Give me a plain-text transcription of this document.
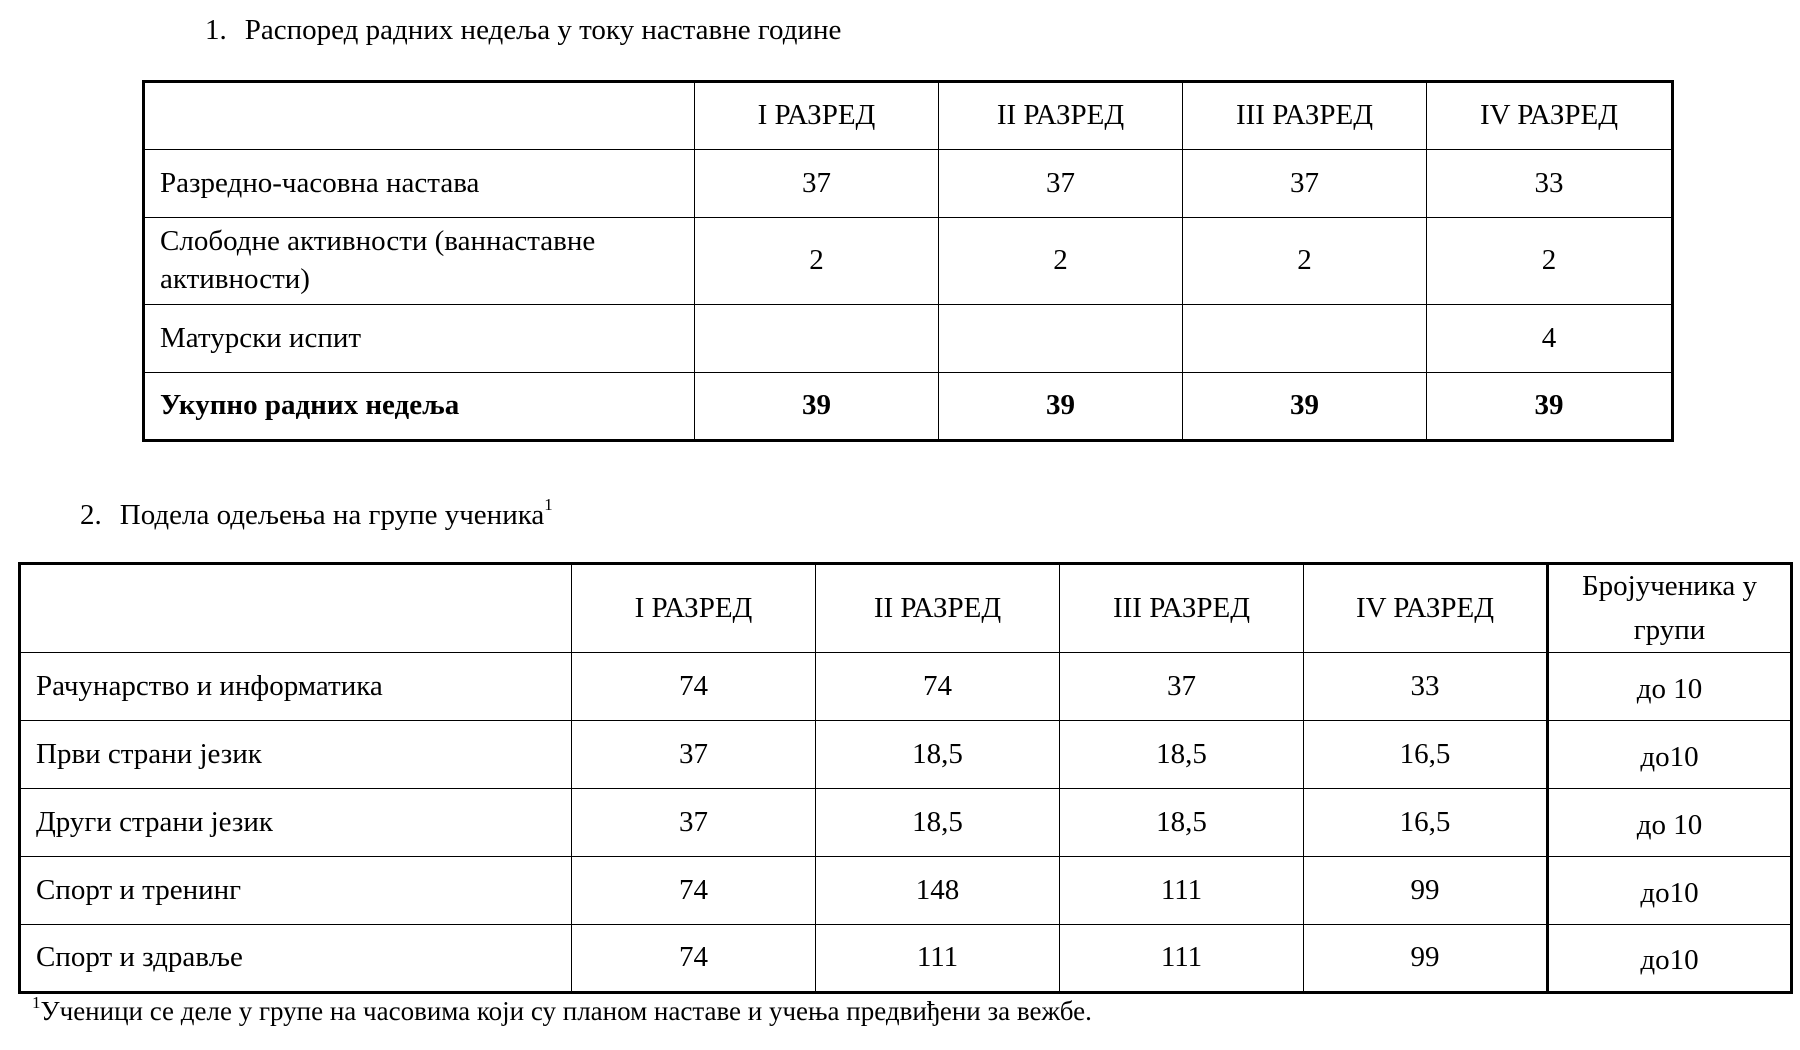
1. Распоред радних недеља у току наставне године
	I РАЗРЕД	II РАЗРЕД	III РАЗРЕД	IV РАЗРЕД
Разредно-часовна настава	37	37	37	33
Слободне активности (ваннаставне активности)	2	2	2	2
Матурски испит				4
Укупно радних недеља	39	39	39	39
2. Подела одељења на групе ученика$^1$
	I РАЗРЕД	II РАЗРЕД	III РАЗРЕД	IV РАЗРЕД	Бројученика у групи
Рачунарство и информатика	74	74	37	33	до 10
Први страни језик	37	18,5	18,5	16,5	до10
Други страни језик	37	18,5	18,5	16,5	до 10
Спорт и тренинг	74	148	111	99	до10
Спорт и здравље	74	111	111	99	до10
$^1$Ученици се деле у групе на часовима који су планом наставе и учења предвиђени за вежбе.
